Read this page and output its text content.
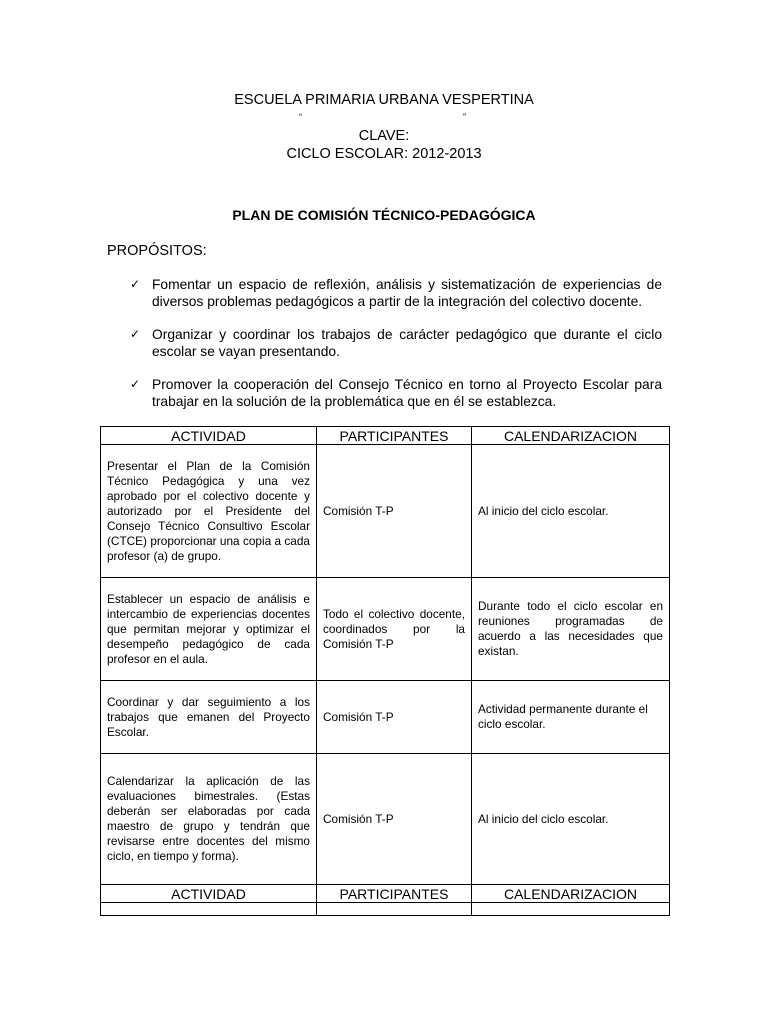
ESCUELA PRIMARIA URBANA VESPERTINA
“	”
CLAVE:
CICLO ESCOLAR: 2012-2013
PLAN DE COMISIÓN TÉCNICO-PEDAGÓGICA
PROPÓSITOS:
✓ Fomentar un espacio de reflexión, análisis y sistematización de experiencias de diversos problemas pedagógicos a partir de la integración del colectivo docente.
✓ Organizar y coordinar los trabajos de carácter pedagógico que durante el ciclo escolar se vayan presentando.
✓ Promover la cooperación del Consejo Técnico en torno al Proyecto Escolar para trabajar en la solución de la problemática que en él se establezca.
ACTIVIDAD	PARTICIPANTES	CALENDARIZACION
Presentar el Plan de la Comisión Técnico Pedagógica y una vez aprobado por el colectivo docente y autorizado por el Presidente del Consejo Técnico Consultivo Escolar (CTCE) proporcionar una copia a cada profesor (a) de grupo.	Comisión T-P	Al inicio del ciclo escolar.
Establecer un espacio de análisis e intercambio de experiencias docentes que permitan mejorar y optimizar el desempeño pedagógico de cada profesor en el aula.	Todo el colectivo docente, coordinados por la Comisión T-P	Durante todo el ciclo escolar en reuniones programadas de acuerdo a las necesidades que existan.
Coordinar y dar seguimiento a los trabajos que emanen del Proyecto Escolar.	Comisión T-P	Actividad permanente durante el ciclo escolar.
Calendarizar la aplicación de las evaluaciones bimestrales. (Estas deberán ser elaboradas por cada maestro de grupo y tendrán que revisarse entre docentes del mismo ciclo, en tiempo y forma).	Comisión T-P	Al inicio del ciclo escolar.
ACTIVIDAD	PARTICIPANTES	CALENDARIZACION
